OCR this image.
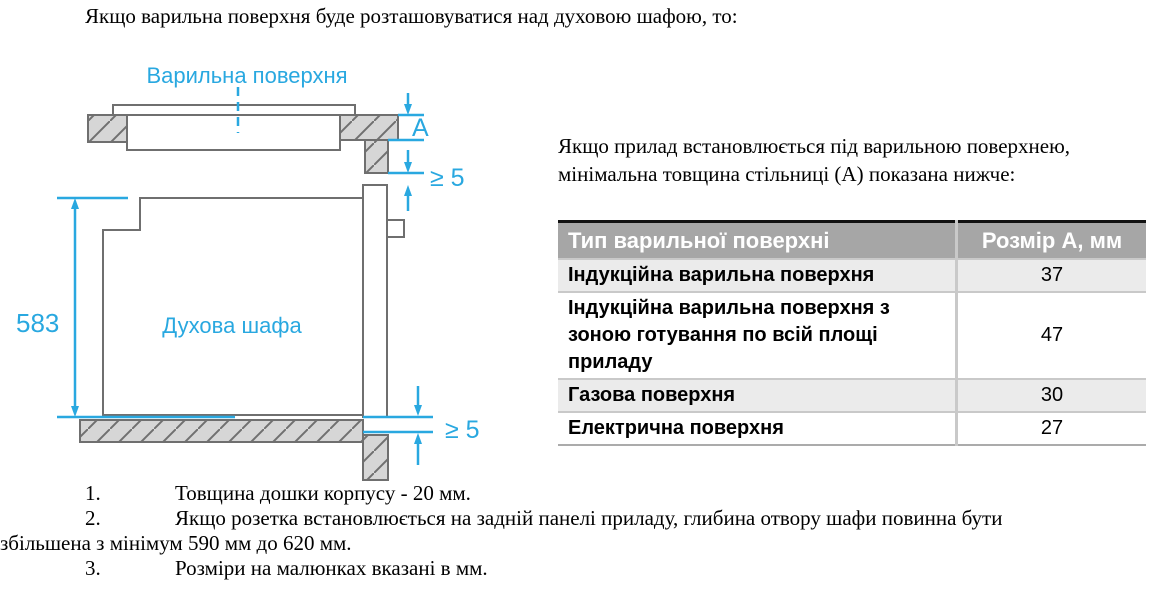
Якщо варильна поверхня буде розташовуватися над духовою шафою, то:
A
≥ 5
583
≥ 5
Варильна поверхня
Духова шафа
Якщо прилад встановлюється під варильною поверхнею,
мінімальна товщина стільниці (А) показана нижче:
Тип варильної поверхні	Розмір А, мм
Індукційна варильна поверхня	37
Індукційна варильна поверхня з зоною готування по всій площі приладу	47
Газова поверхня	30
Електрична поверхня	27
1.	Товщина дошки корпусу - 20 мм.
2.	Якщо розетка встановлюється на задній панелі приладу, глибина отвору шафи повинна бути
збільшена з мінімум 590 мм до 620 мм.
3.	Розміри на малюнках вказані в мм.
